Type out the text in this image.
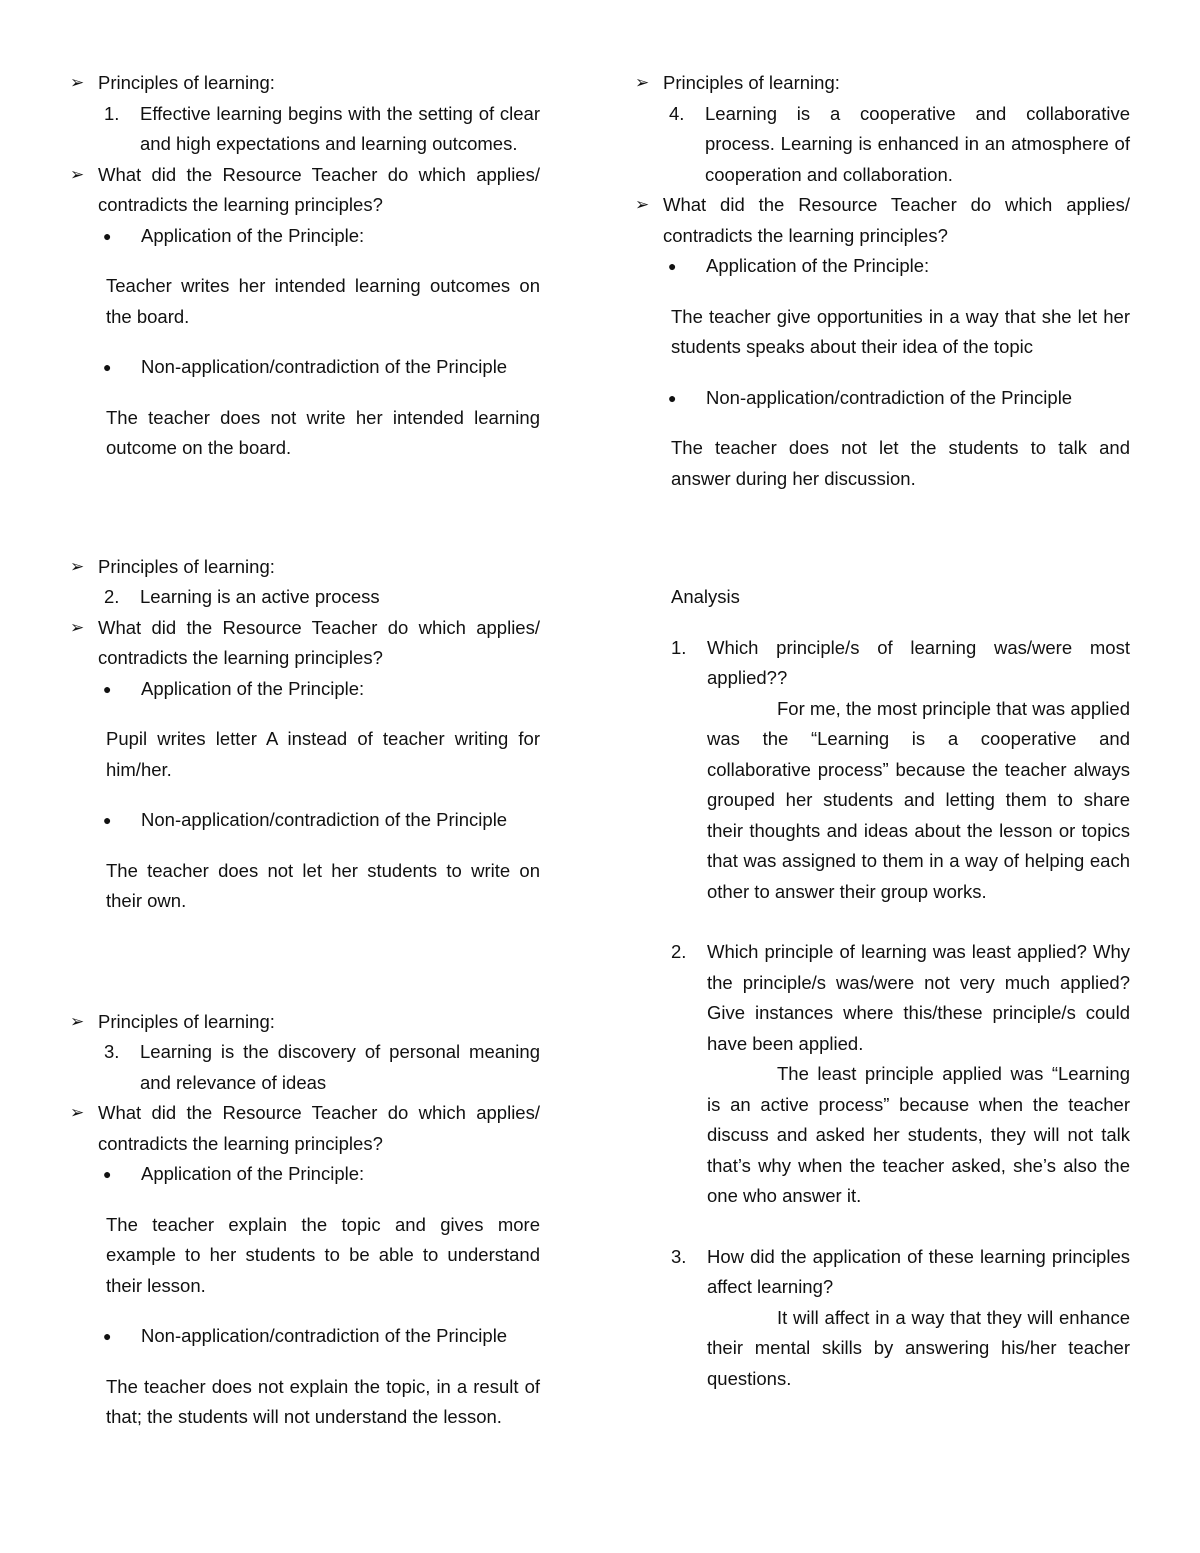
➢ Principles of learning:
1.	Effective learning begins with the setting of clear and high expectations and learning outcomes.
➢ What did the Resource Teacher do which applies/ contradicts the learning principles?
●	Application of the Principle:
Teacher writes her intended learning outcomes on the board.
●	Non-application/contradiction of the Principle
The teacher does not write her intended learning outcome on the board.
➢ Principles of learning:
2.	Learning is an active process
➢ What did the Resource Teacher do which applies/ contradicts the learning principles?
●	Application of the Principle:
Pupil writes letter A instead of teacher writing for him/her.
●	Non-application/contradiction of the Principle
The teacher does not let her students to write on their own.
➢ Principles of learning:
3.	Learning is the discovery of personal meaning and relevance of ideas
➢ What did the Resource Teacher do which applies/ contradicts the learning principles?
●	Application of the Principle:
The teacher explain the topic and gives more example to her students to be able to understand their lesson.
●	Non-application/contradiction of the Principle
The teacher does not explain the topic, in a result of that; the students will not understand the lesson.
➢ Principles of learning:
4.	Learning is a cooperative and collaborative process. Learning is enhanced in an atmosphere of cooperation and collaboration.
➢ What did the Resource Teacher do which applies/ contradicts the learning principles?
●	Application of the Principle:
The teacher give opportunities in a way that she let her students speaks about their idea of the topic
●	Non-application/contradiction of the Principle
The teacher does not let the students to talk and answer during her discussion.
Analysis
1.	Which principle/s of learning was/were most applied??
For me, the most principle that was applied was the “Learning is a cooperative and collaborative process” because the teacher always grouped her students and letting them to share their thoughts and ideas about the lesson or topics that was assigned to them in a way of helping each other to answer their group works.
2.	Which principle of learning was least applied? Why the principle/s was/were not very much applied? Give instances where this/these principle/s could have been applied.
The least principle applied was “Learning is an active process” because when the teacher discuss and asked her students, they will not talk that’s why when the teacher asked, she’s also the one who answer it.
3.	How did the application of these learning principles affect learning?
It will affect in a way that they will enhance their mental skills by answering his/her teacher questions.
